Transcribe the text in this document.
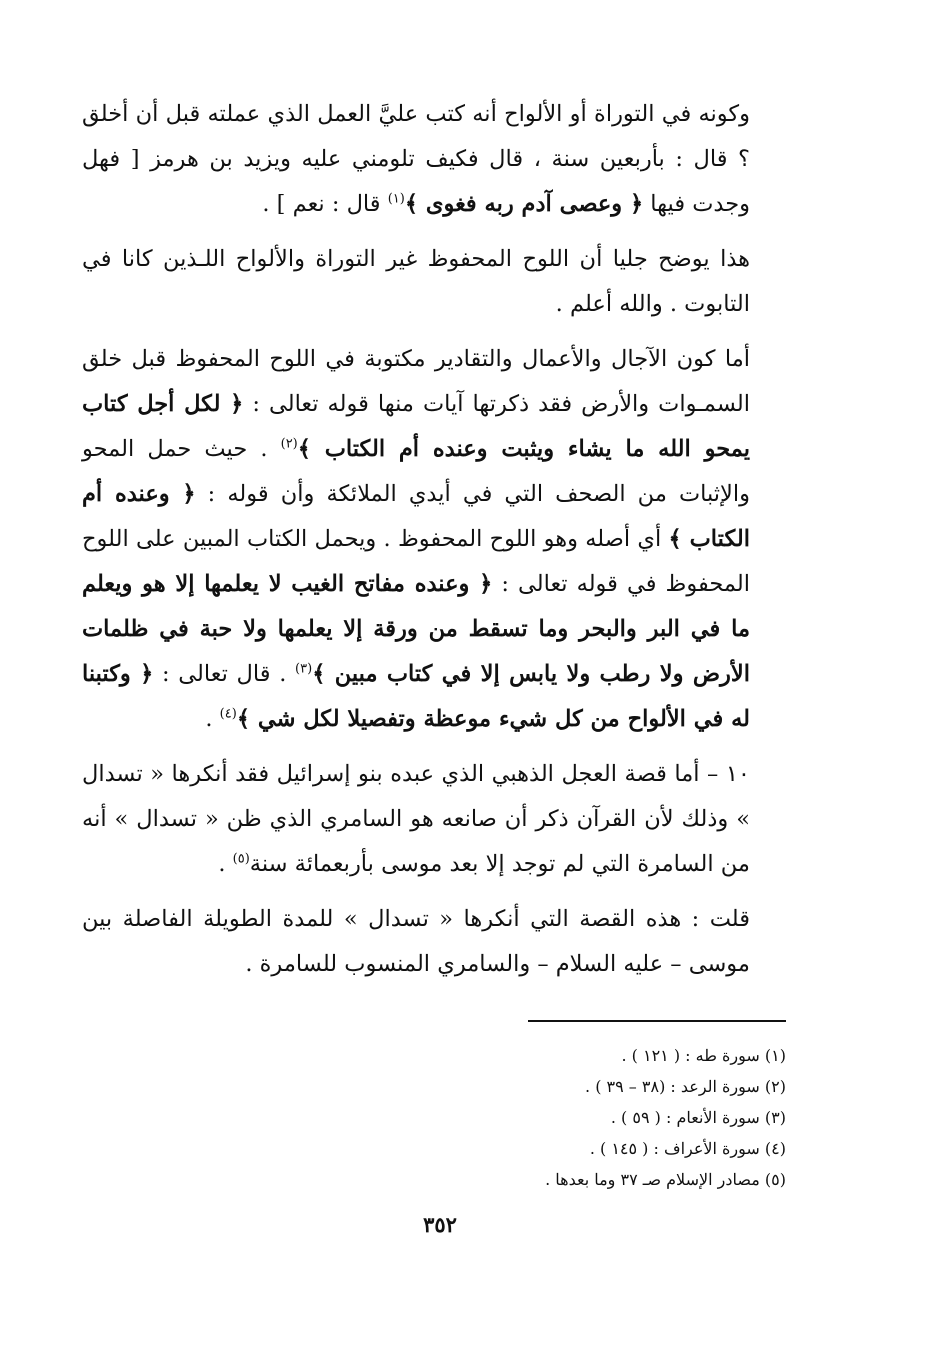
وكونه في التوراة أو الألواح أنه كتب عليَّ العمل الذي عملته قبل أن أخلق ؟ قال : بأربعين سنة ، قال فكيف تلومني عليه ويزيد بن هرمز [ فهل وجدت فيها ﴿ وعصى آدم ربه فغوى ﴾$^{(١)}$ قال : نعم ] .

هذا يوضح جليا أن اللوح المحفوظ غير التوراة والألواح اللـذين كانا في التابوت . والله أعلم .

أما كون الآجال والأعمال والتقادير مكتوبة في اللوح المحفوظ قبل خلق السمـوات والأرض فقد ذكرتها آيات منها قوله تعالى : ﴿ لكل أجل كتاب يمحو الله ما يشاء ويثبت وعنده أم الكتاب ﴾$^{(٢)}$ . حيث حمل المحو والإثبات من الصحف التي في أيدي الملائكة وأن قوله : ﴿ وعنده أم الكتاب ﴾ أي أصله وهو اللوح المحفوظ . ويحمل الكتاب المبين على اللوح المحفوظ في قوله تعالى : ﴿ وعنده مفاتح الغيب لا يعلمها إلا هو ويعلم ما في البر والبحر وما تسقط من ورقة إلا يعلمها ولا حبة في ظلمات الأرض ولا رطب ولا يابس إلا في كتاب مبين ﴾$^{(٣)}$ . قال تعالى : ﴿ وكتبنا له في الألواح من كل شيء موعظة وتفصيلا لكل شي ﴾$^{(٤)}$ .

١٠ – أما قصة العجل الذهبي الذي عبده بنو إسرائيل فقد أنكرها « تسدال » وذلك لأن القرآن ذكر أن صانعه هو السامري الذي ظن « تسدال » أنه من السامرة التي لم توجد إلا بعد موسى بأربعمائة سنة$^{(٥)}$ .

قلت : هذه القصة التي أنكرها « تسدال » للمدة الطويلة الفاصلة بين موسى – عليه السلام – والسامري المنسوب للسامرة .

(١) سورة طه : ( ١٢١ ) .
(٢) سورة الرعد : (٣٨ – ٣٩ ) .
(٣) سورة الأنعام : ( ٥٩ ) .
(٤) سورة الأعراف : ( ١٤٥ ) .
(٥) مصادر الإسلام صـ ٣٧ وما بعدها .
٣٥٢
